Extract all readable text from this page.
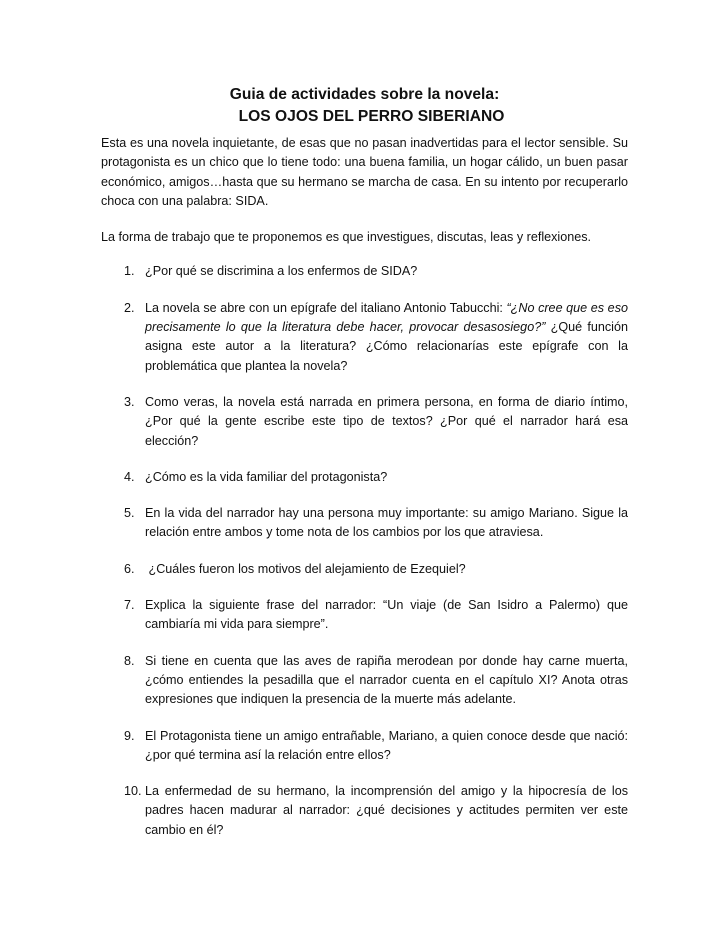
Guia de actividades sobre la novela:
LOS OJOS DEL PERRO SIBERIANO

Esta es una novela inquietante, de esas que no pasan inadvertidas para el lector sensible. Su protagonista es un chico que lo tiene todo: una buena familia, un hogar cálido, un buen pasar económico, amigos…hasta que su hermano se marcha de casa. En su intento por recuperarlo choca con una palabra: SIDA.

La forma de trabajo que te proponemos es que investigues, discutas, leas y reflexiones.

1. ¿Por qué se discrimina a los enfermos de SIDA?
2. La novela se abre con un epígrafe del italiano Antonio Tabucchi: “¿No cree que es eso precisamente lo que la literatura debe hacer, provocar desasosiego?” ¿Qué función asigna este autor a la literatura? ¿Cómo relacionarías este epígrafe con la problemática que plantea la novela?
3. Como veras, la novela está narrada en primera persona, en forma de diario íntimo, ¿Por qué la gente escribe este tipo de textos? ¿Por qué el narrador hará esa elección?
4. ¿Cómo es la vida familiar del protagonista?
5. En la vida del narrador hay una persona muy importante: su amigo Mariano. Sigue la relación entre ambos y tome nota de los cambios por los que atraviesa.
6. ¿Cuáles fueron los motivos del alejamiento de Ezequiel?
7. Explica la siguiente frase del narrador: “Un viaje (de San Isidro a Palermo) que cambiaría mi vida para siempre”.
8. Si tiene en cuenta que las aves de rapiña merodean por donde hay carne muerta, ¿cómo entiendes la pesadilla que el narrador cuenta en el capítulo XI? Anota otras expresiones que indiquen la presencia de la muerte más adelante.
9. El Protagonista tiene un amigo entrañable, Mariano, a quien conoce desde que nació: ¿por qué termina así la relación entre ellos?
10. La enfermedad de su hermano, la incomprensión del amigo y la hipocresía de los padres hacen madurar al narrador: ¿qué decisiones y actitudes permiten ver este cambio en él?
